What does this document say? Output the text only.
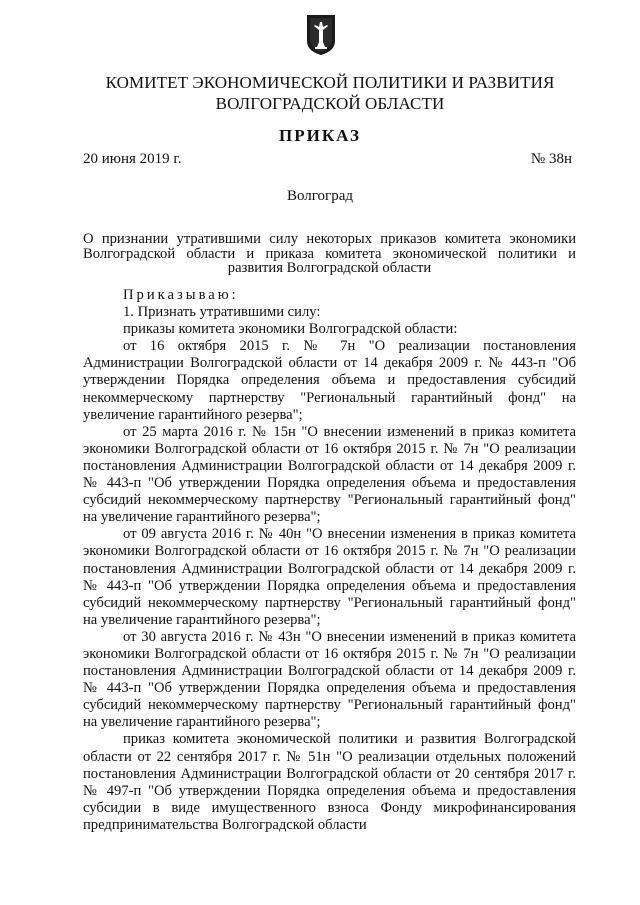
КОМИТЕТ ЭКОНОМИЧЕСКОЙ ПОЛИТИКИ И РАЗВИТИЯ
ВОЛГОГРАДСКОЙ ОБЛАСТИ
ПРИКАЗ
20 июня 2019 г.	№ 38н
Волгоград
О признании утратившими силу некоторых приказов комитета экономики Волгоградской области и приказа комитета экономической политики и развития Волгоградской области

Приказываю:

1. Признать утратившими силу:

приказы комитета экономики Волгоградской области:

от 16 октября 2015 г. № 7н "О реализации постановления Администрации Волгоградской области от 14 декабря 2009 г. № 443-п "Об утверждении Порядка определения объема и предоставления субсидий некоммерческому партнерству "Региональный гарантийный фонд" на увеличение гарантийного резерва";

от 25 марта 2016 г. № 15н "О внесении изменений в приказ комитета экономики Волгоградской области от 16 октября 2015 г. № 7н "О реализации постановления Администрации Волгоградской области от 14 декабря 2009 г. № 443-п "Об утверждении Порядка определения объема и предоставления субсидий некоммерческому партнерству "Региональный гарантийный фонд" на увеличение гарантийного резерва";

от 09 августа 2016 г. № 40н "О внесении изменения в приказ комитета экономики Волгоградской области от 16 октября 2015 г. № 7н "О реализации постановления Администрации Волгоградской области от 14 декабря 2009 г. № 443-п "Об утверждении Порядка определения объема и предоставления субсидий некоммерческому партнерству "Региональный гарантийный фонд" на увеличение гарантийного резерва";

от 30 августа 2016 г. № 43н "О внесении изменений в приказ комитета экономики Волгоградской области от 16 октября 2015 г. № 7н "О реализации постановления Администрации Волгоградской области от 14 декабря 2009 г. № 443-п "Об утверждении Порядка определения объема и предоставления субсидий некоммерческому партнерству "Региональный гарантийный фонд" на увеличение гарантийного резерва";

приказ комитета экономической политики и развития Волгоградской области от 22 сентября 2017 г. № 51н "О реализации отдельных положений постановления Администрации Волгоградской области от 20 сентября 2017 г. № 497-п "Об утверждении Порядка определения объема и предоставления субсидии в виде имущественного взноса Фонду микрофинансирования предпринимательства Волгоградской области
